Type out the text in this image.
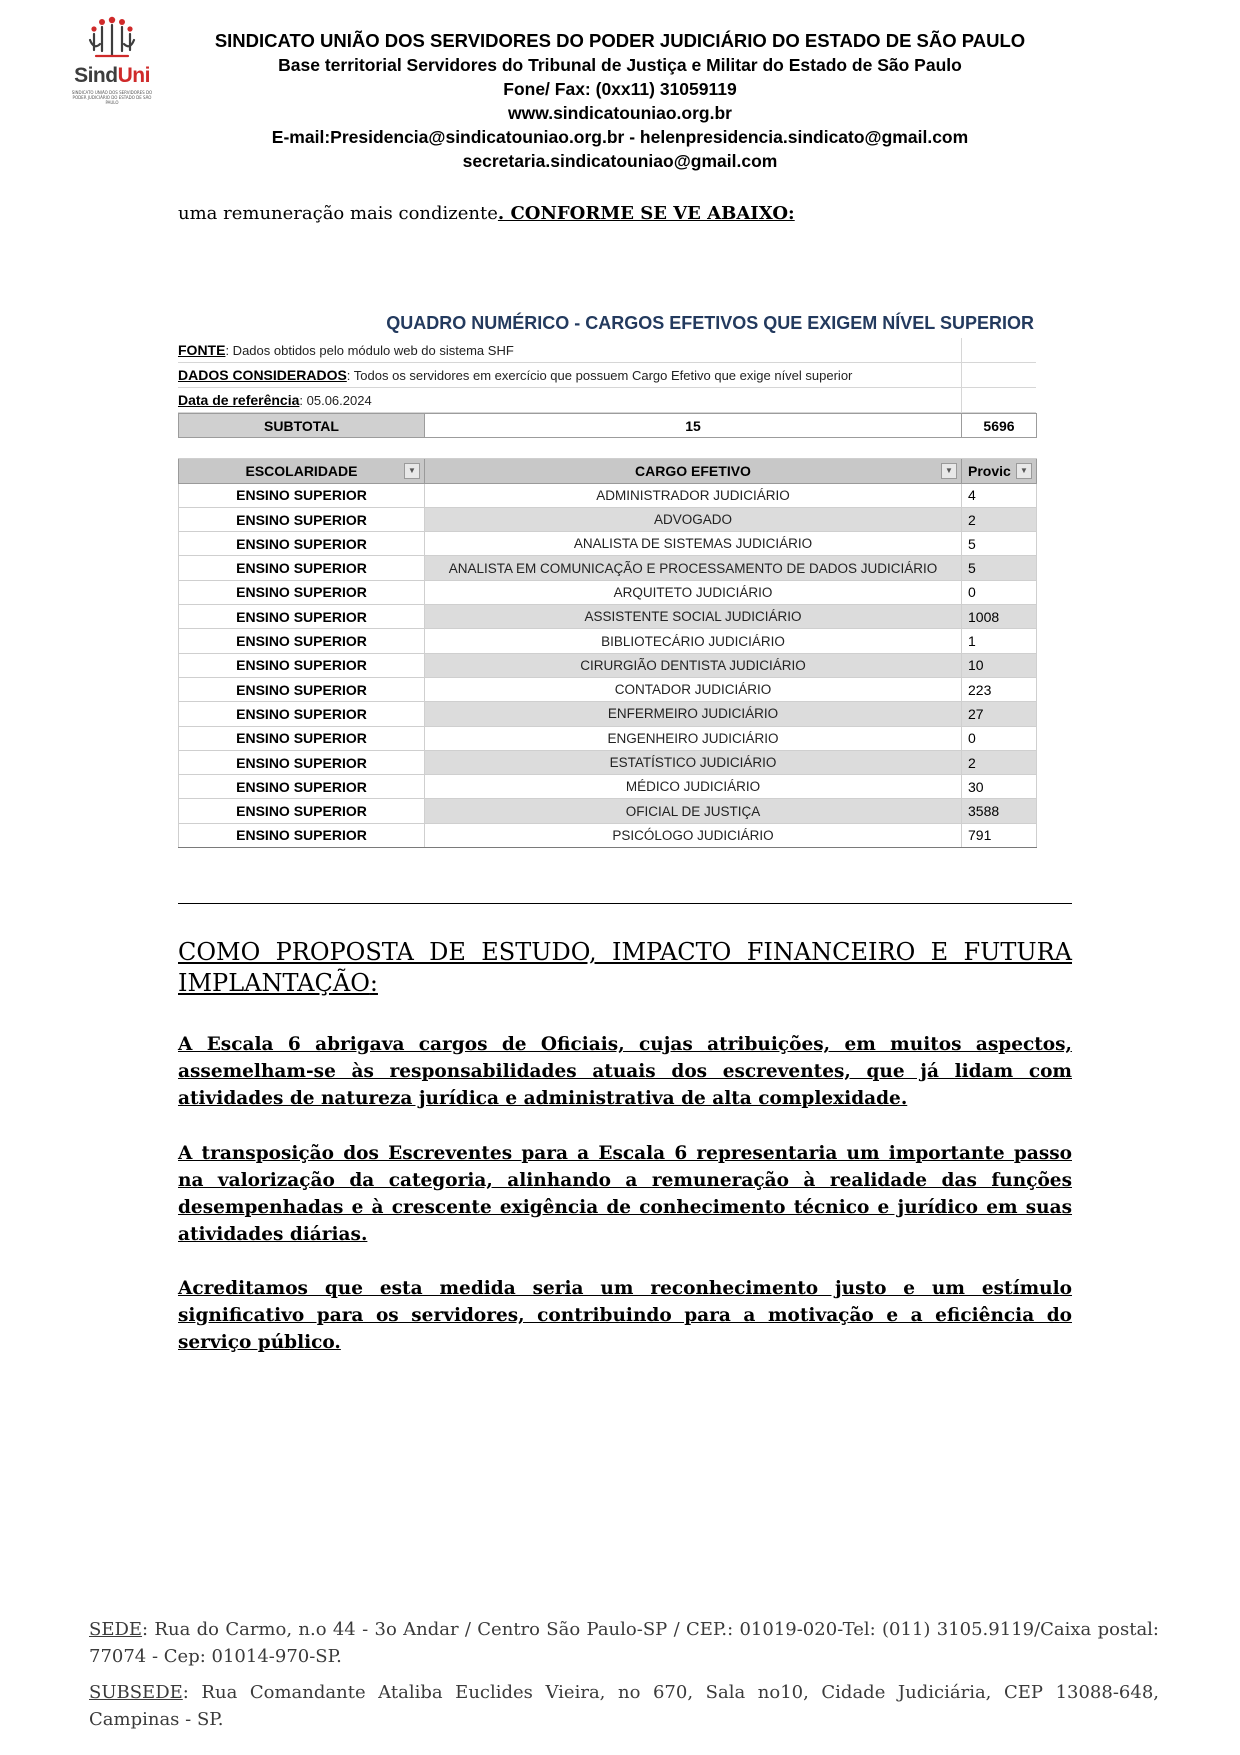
SindUni
SINDICATO UNIÃO DOS SERVIDORES DO PODER JUDICIÁRIO DO ESTADO DE SÃO PAULO
SINDICATO UNIÃO DOS SERVIDORES DO PODER JUDICIÁRIO DO ESTADO DE SÃO PAULO
Base territorial Servidores do Tribunal de Justiça e Militar do Estado de São Paulo
Fone/ Fax: (0xx11) 31059119
www.sindicatouniao.org.br
E-mail:Presidencia@sindicatouniao.org.br - helenpresidencia.sindicato@gmail.com
secretaria.sindicatouniao@gmail.com
uma remuneração mais condizente. CONFORME SE VE ABAIXO:
QUADRO NUMÉRICO - CARGOS EFETIVOS QUE EXIGEM NÍVEL SUPERIOR
FONTE: Dados obtidos pelo módulo web do sistema SHF
DADOS CONSIDERADOS: Todos os servidores em exercício que possuem Cargo Efetivo que exige nível superior
Data de referência: 05.06.2024
SUBTOTAL	15	5696

ESCOLARIDADE ▼	CARGO EFETIVO ▼	Provic ▼

ENSINO SUPERIOR	ADMINISTRADOR JUDICIÁRIO	4
ENSINO SUPERIOR	ADVOGADO	2
ENSINO SUPERIOR	ANALISTA DE SISTEMAS JUDICIÁRIO	5
ENSINO SUPERIOR	ANALISTA EM COMUNICAÇÃO E PROCESSAMENTO DE DADOS JUDICIÁRIO	5
ENSINO SUPERIOR	ARQUITETO JUDICIÁRIO	0
ENSINO SUPERIOR	ASSISTENTE SOCIAL JUDICIÁRIO	1008
ENSINO SUPERIOR	BIBLIOTECÁRIO JUDICIÁRIO	1
ENSINO SUPERIOR	CIRURGIÃO DENTISTA JUDICIÁRIO	10
ENSINO SUPERIOR	CONTADOR JUDICIÁRIO	223
ENSINO SUPERIOR	ENFERMEIRO JUDICIÁRIO	27
ENSINO SUPERIOR	ENGENHEIRO JUDICIÁRIO	0
ENSINO SUPERIOR	ESTATÍSTICO JUDICIÁRIO	2
ENSINO SUPERIOR	MÉDICO JUDICIÁRIO	30
ENSINO SUPERIOR	OFICIAL DE JUSTIÇA	3588
ENSINO SUPERIOR	PSICÓLOGO JUDICIÁRIO	791
COMO PROPOSTA DE ESTUDO, IMPACTO FINANCEIRO E FUTURA IMPLANTAÇÃO:
A Escala 6 abrigava cargos de Oficiais, cujas atribuições, em muitos aspectos, assemelham-se às responsabilidades atuais dos escreventes, que já lidam com atividades de natureza jurídica e administrativa de alta complexidade.
A transposição dos Escreventes para a Escala 6 representaria um importante passo na valorização da categoria, alinhando a remuneração à realidade das funções desempenhadas e à crescente exigência de conhecimento técnico e jurídico em suas atividades diárias.
Acreditamos que esta medida seria um reconhecimento justo e um estímulo significativo para os servidores, contribuindo para a motivação e a eficiência do serviço público.
SEDE: Rua do Carmo, n.o 44 - 3o Andar / Centro São Paulo-SP / CEP.: 01019-020-Tel: (011) 3105.9119/Caixa postal: 77074 - Cep: 01014-970-SP.
SUBSEDE: Rua Comandante Ataliba Euclides Vieira, no 670, Sala no10, Cidade Judiciária, CEP 13088-648, Campinas - SP.
